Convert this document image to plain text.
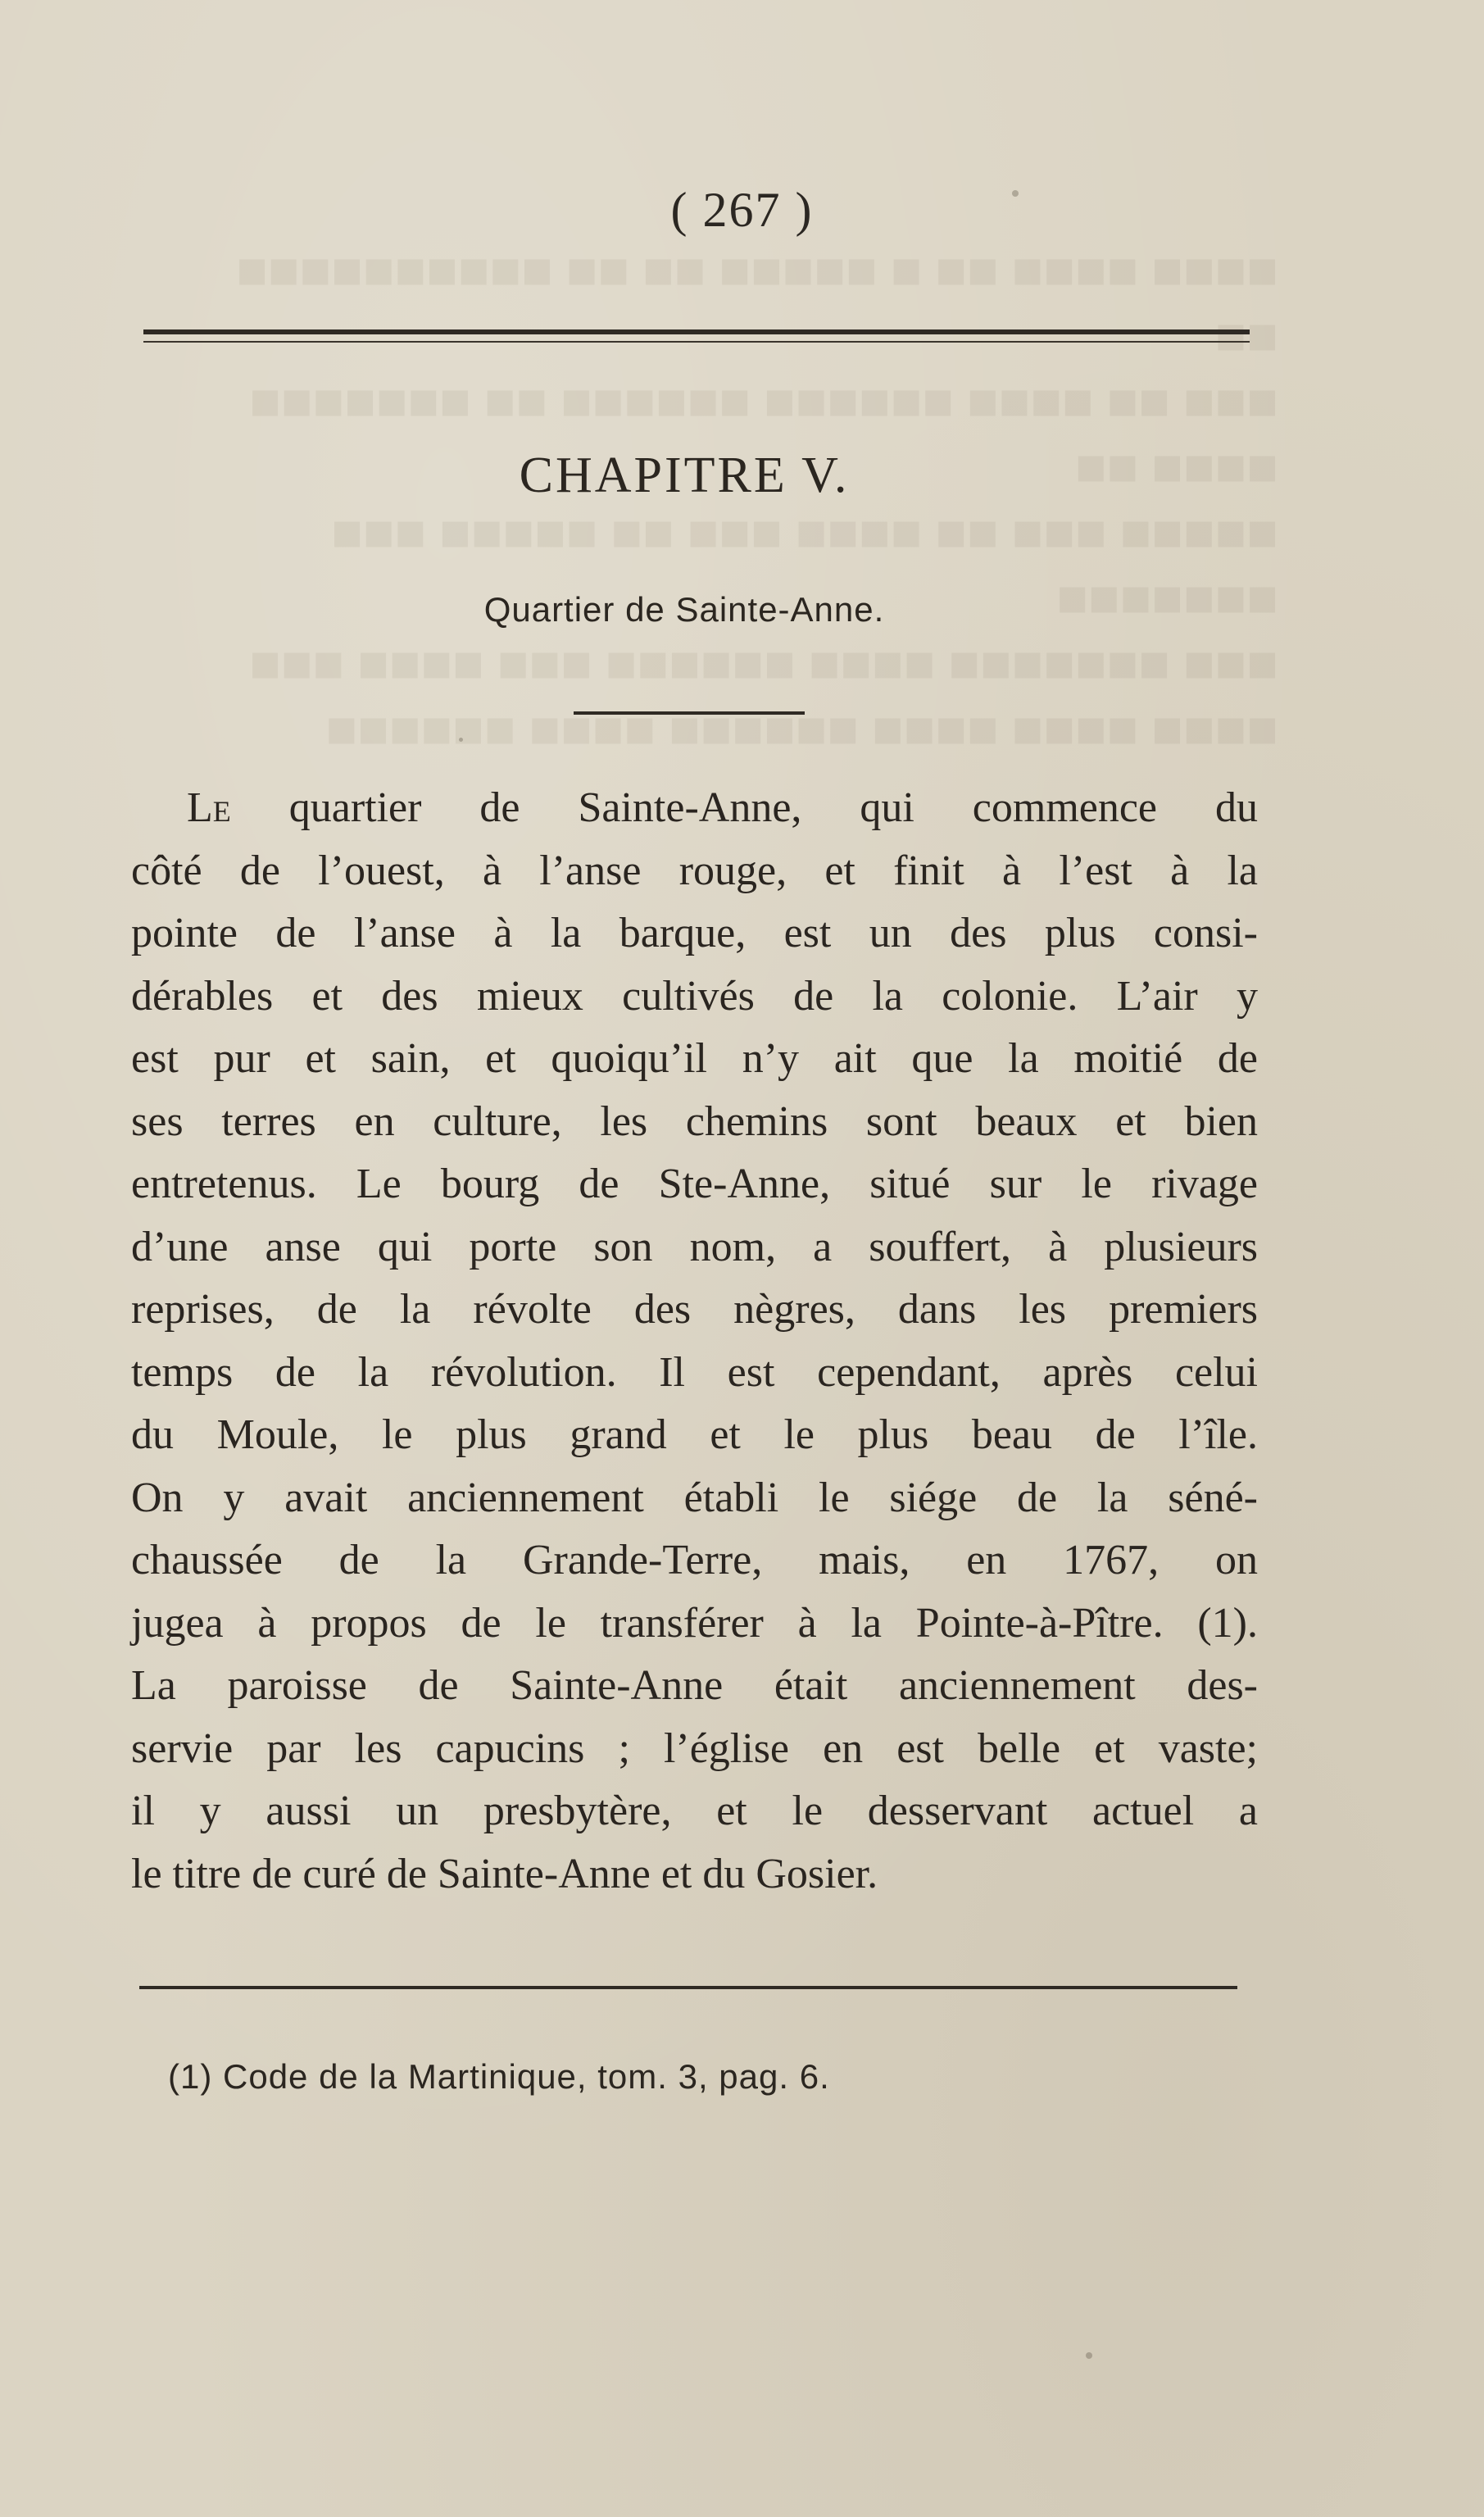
■■■■ ■■■■ ■■ ■ ■■■■■ ■■ ■■ ■■■■■■■■■■ ■■
■■■ ■■ ■■■■ ■■■■■■ ■■■■■■ ■■ ■■■■■■■ ■■■■ ■■
■■■■■ ■■■ ■■ ■■■■ ■■■ ■■ ■■■■■ ■■■ ■■■■■■■
■■■ ■■■■■■■ ■■■■ ■■■■■■ ■■■ ■■■■ ■■■
■■■■ ■■■■ ■■■■ ■■■■■■ ■■■■ ■■■■■■
( 267 )
CHAPITRE V.
Quartier de Sainte-Anne.
Le quartier de Sainte-Anne, qui commence du
côté de l’ouest, à l’anse rouge, et finit à l’est à la
pointe de l’anse à la barque, est un des plus consi-
dérables et des mieux cultivés de la colonie. L’air y
est pur et sain, et quoiqu’il n’y ait que la moitié de
ses terres en culture, les chemins sont beaux et bien
entretenus. Le bourg de Ste-Anne, situé sur le rivage
d’une anse qui porte son nom, a souffert, à plusieurs
reprises, de la révolte des nègres, dans les premiers
temps de la révolution. Il est cependant, après celui
du Moule, le plus grand et le plus beau de l’île.
On y avait anciennement établi le siége de la séné-
chaussée de la Grande-Terre, mais, en 1767, on
jugea à propos de le transférer à la Pointe-à-Pître. (1).
La paroisse de Sainte-Anne était anciennement des-
servie par les capucins ; l’église en est belle et vaste;
il y aussi un presbytère, et le desservant actuel a
le titre de curé de Sainte-Anne et du Gosier.
(1) Code de la Martinique, tom. 3, pag. 6.
